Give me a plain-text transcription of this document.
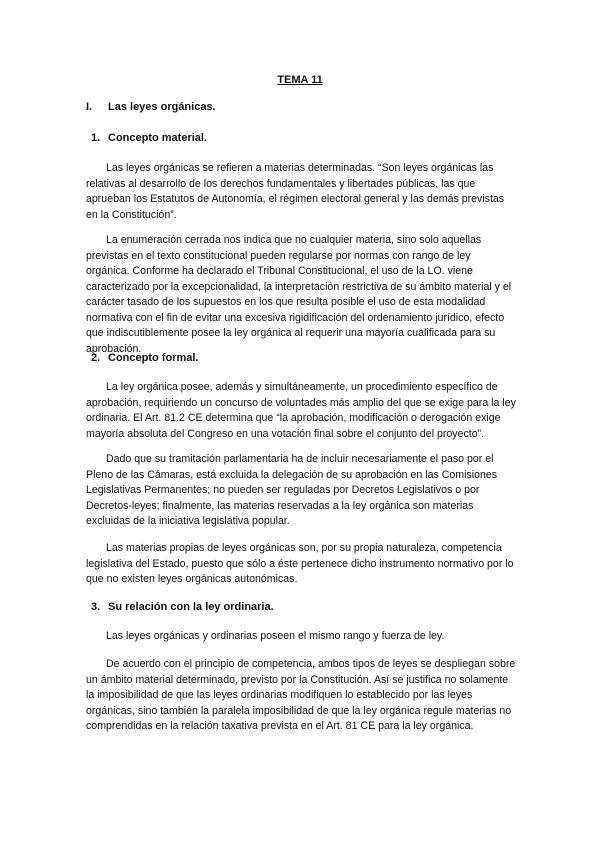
TEMA 11
I. Las leyes orgánicas.
1. Concepto material.

Las leyes orgánicas se refieren a materias determinadas. “Son leyes orgánicas las relativas al desarrollo de los derechos fundamentales y libertades públicas, las que aprueban los Estatutos de Autonomía, el régimen electoral general y las demás previstas en la Constitución”.

La enumeración cerrada nos indica que no cualquier materia, sino solo aquellas previstas en el texto constitucional pueden regularse por normas con rango de ley orgánica. Conforme ha declarado el Tribunal Constitucional, el uso de la LO. viene caracterizado por la excepcionalidad, la interpretación restrictiva de su ámbito material y el carácter tasado de los supuestos en los que resulta posible el uso de esta modalidad normativa con el fin de evitar una excesiva rigidificación del ordenamiento jurídico, efecto que indiscutiblemente posee la ley orgánica al requerir una mayoría cualificada para su aprobación.

2. Concepto formal.

La ley orgánica posee, además y simultáneamente, un procedimiento específico de aprobación, requiriendo un concurso de voluntades más amplio del que se exige para la ley ordinaria. El Art. 81.2 CE determina que “la aprobación, modificación o derogación exige mayoría absoluta del Congreso en una votación final sobre el conjunto del proyecto”.

Dado que su tramitación parlamentaria ha de incluir necesariamente el paso por el Pleno de las Cámaras, está excluida la delegación de su aprobación en las Comisiones Legislativas Permanentes; no pueden ser reguladas por Decretos Legislativos o por Decretos-leyes; finalmente, las materias reservadas a la ley orgánica son materias excluidas de la iniciativa legislativa popular.

Las materias propias de leyes orgánicas son, por su propia naturaleza, competencia legislativa del Estado, puesto que sólo a éste pertenece dicho instrumento normativo por lo que no existen leyes orgánicas autonómicas.

3. Su relación con la ley ordinaria.

Las leyes orgánicas y ordinarias poseen el mismo rango y fuerza de ley.

De acuerdo con el principio de competencia, ambos tipos de leyes se despliegan sobre un ámbito material determinado, previsto por la Constitución. Así se justifica no solamente la imposibilidad de que las leyes ordinarias modifiquen lo establecido por las leyes orgánicas, sino también la paralela imposibilidad de que la ley orgánica regule materias no comprendidas en la relación taxativa prevista en el Art. 81 CE para la ley orgánica.
